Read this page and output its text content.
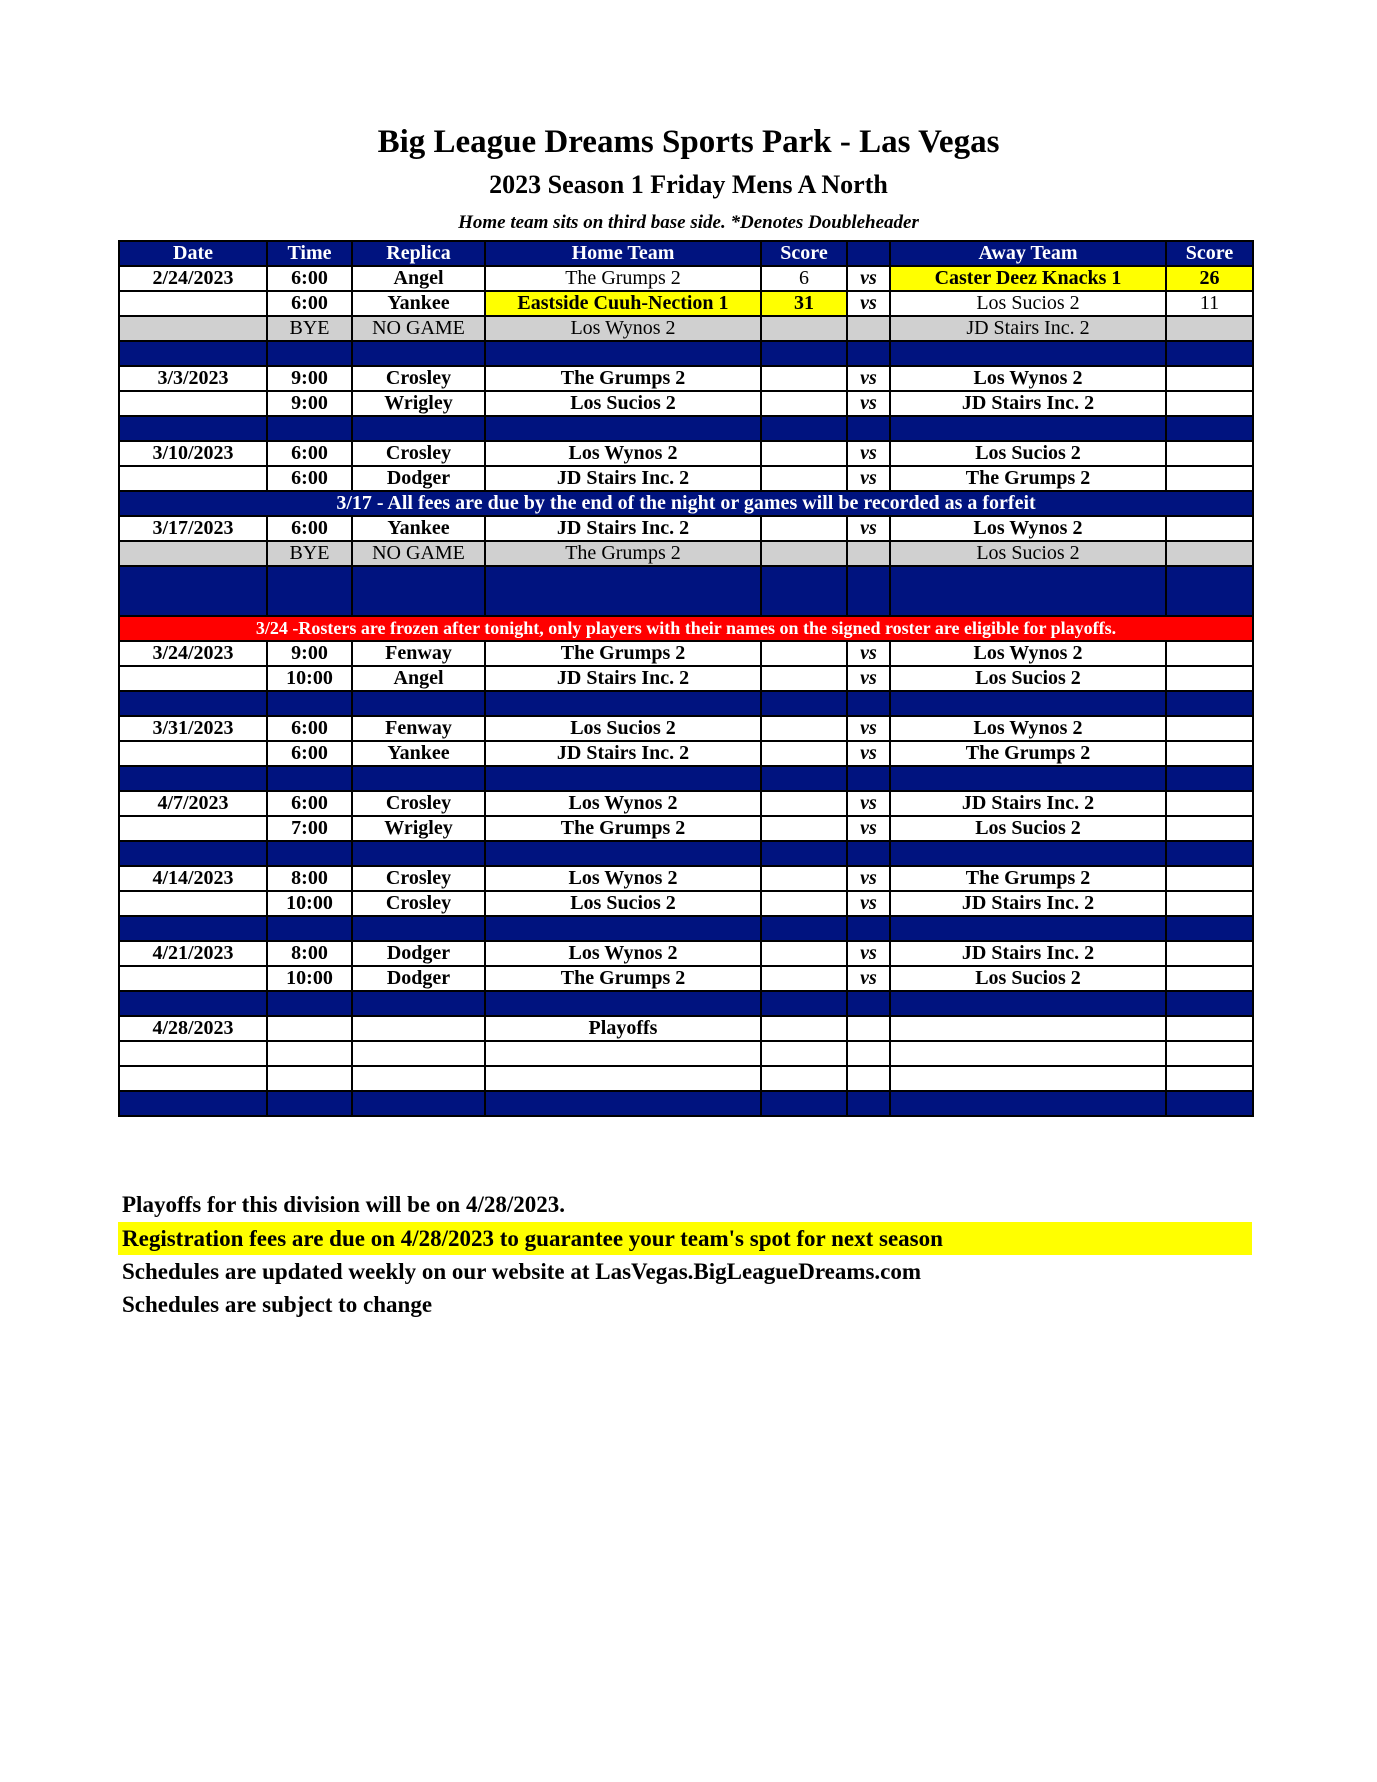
Big League Dreams Sports Park - Las Vegas
2023 Season 1 Friday Mens A North
Home team sits on third base side. *Denotes Doubleheader
Date	Time	Replica	Home Team	Score		Away Team	Score
2/24/2023	6:00	Angel	The Grumps 2	6	vs	Caster Deez Knacks 1	26
	6:00	Yankee	Eastside Cuuh-Nection 1	31	vs	Los Sucios 2	11
	BYE	NO GAME	Los Wynos 2			JD Stairs Inc. 2	

3/3/2023	9:00	Crosley	The Grumps 2		vs	Los Wynos 2	
	9:00	Wrigley	Los Sucios 2		vs	JD Stairs Inc. 2	

3/10/2023	6:00	Crosley	Los Wynos 2		vs	Los Sucios 2	
	6:00	Dodger	JD Stairs Inc. 2		vs	The Grumps 2	
3/17 - All fees are due by the end of the night or games will be recorded as a forfeit							
3/17/2023	6:00	Yankee	JD Stairs Inc. 2		vs	Los Wynos 2	
	BYE	NO GAME	The Grumps 2			Los Sucios 2	

3/24 -Rosters are frozen after tonight, only players with their names on the signed roster are eligible for playoffs.							
3/24/2023	9:00	Fenway	The Grumps 2		vs	Los Wynos 2	
	10:00	Angel	JD Stairs Inc. 2		vs	Los Sucios 2	

3/31/2023	6:00	Fenway	Los Sucios 2		vs	Los Wynos 2	
	6:00	Yankee	JD Stairs Inc. 2		vs	The Grumps 2	

4/7/2023	6:00	Crosley	Los Wynos 2		vs	JD Stairs Inc. 2	
	7:00	Wrigley	The Grumps 2		vs	Los Sucios 2	

4/14/2023	8:00	Crosley	Los Wynos 2		vs	The Grumps 2	
	10:00	Crosley	Los Sucios 2		vs	JD Stairs Inc. 2	

4/21/2023	8:00	Dodger	Los Wynos 2		vs	JD Stairs Inc. 2	
	10:00	Dodger	The Grumps 2		vs	Los Sucios 2	

4/28/2023			Playoffs				

Playoffs for this division will be on 4/28/2023.
Registration fees are due on 4/28/2023 to guarantee your team's spot for next season
Schedules are updated weekly on our website at LasVegas.BigLeagueDreams.com
Schedules are subject to change
